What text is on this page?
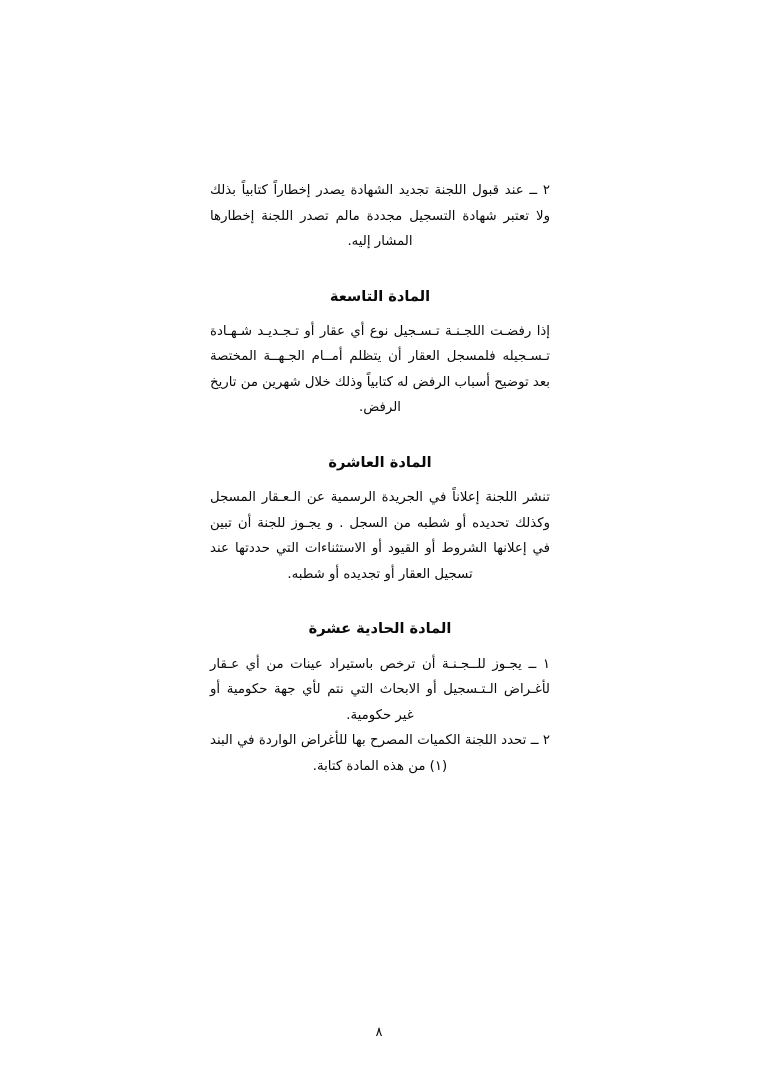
٢ ــ عند قبول اللجنة تجديد الشهادة يصدر إخطاراً كتابياً بذلك ولا تعتبر شهادة التسجيل مجددة مالم تصدر اللجنة إخطارها المشار إليه.

المادة التاسعة

إذا رفضـت اللجـنـة تـسـجيل نوع أي عقار أو تـجـديـد شـهـادة تـسـجيله فلمسجل العقار أن يتظلم أمــام الجـهــة المختصة بعد توضيح أسباب الرفض له كتابياً وذلك خلال شهرين من تاريخ الرفض.

المادة العاشرة

تنشر اللجنة إعلاناً في الجريدة الرسمية عن الـعـقار المسجل وكذلك تحديده أو شطبه من السجل . و يجـوز للجنة أن تبين في إعلانها الشروط أو القيود أو الاستثناءات التي حددتها عند تسجيل العقار أو تجديده أو شطبه.

المادة الحادية عشرة

١ ــ يجـوز للــجـنـة أن ترخص باستيراد عينات من أي عـقار لأغـراض الـتـسجيل أو الابحاث التي نتم لأي جهة حكومية أو غير حكومية.

٢ ــ تحدد اللجنة الكميات المصرح بها للأغراض الواردة في البند (١) من هذه المادة كتابة.

٨
